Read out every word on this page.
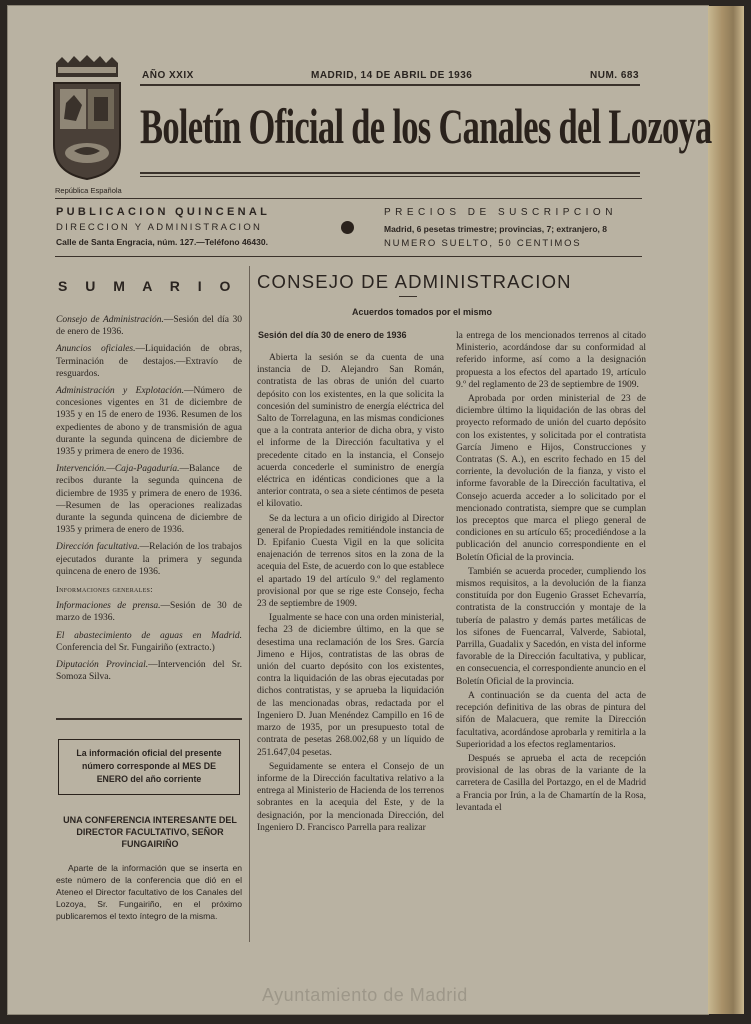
República Española
AÑO XXIX	MADRID, 14 DE ABRIL DE 1936	NUM. 683
Boletín Oficial de los Canales del Lozoya
PUBLICACION QUINCENAL
DIRECCION Y ADMINISTRACION
Calle de Santa Engracia, núm. 127.—Teléfono 46430.
PRECIOS DE SUSCRIPCION
Madrid, 6 pesetas trimestre; provincias, 7; extranjero, 8
NUMERO SUELTO, 50 CENTIMOS
S U M A R I O

Consejo de Administración.—Sesión del día 30 de enero de 1936.

Anuncios oficiales.—Liquidación de obras, Terminación de destajos.—Extravío de resguardos.

Administración y Explotación.—Número de concesiones vigentes en 31 de diciembre de 1935 y en 15 de enero de 1936. Resumen de los expedientes de abono y de transmisión de agua durante la segunda quincena de diciembre de 1935 y primera de enero de 1936.

Intervención.—Caja-Pagaduría.—Balance de recibos durante la segunda quincena de diciembre de 1935 y primera de enero de 1936.—Resumen de las operaciones realizadas durante la segunda quincena de diciembre de 1935 y primera de enero de 1936.

Dirección facultativa.—Relación de los trabajos ejecutados durante la primera y segunda quincena de enero de 1936.

Informaciones generales:

Informaciones de prensa.—Sesión de 30 de marzo de 1936.

El abastecimiento de aguas en Madrid. Conferencia del Sr. Fungairiño (extracto.)

Diputación Provincial.—Intervención del Sr. Somoza Silva.

La información oficial del presente número corresponde al MES DE ENERO del año corriente
UNA CONFERENCIA INTERESANTE DEL DIRECTOR FACULTATIVO, SEÑOR FUNGAIRIÑO

Aparte de la información que se inserta en este número de la conferencia que dió en el Ateneo el Director facultativo de los Canales del Lozoya, Sr. Fungairiño, en el próximo publicaremos el texto íntegro de la misma.

CONSEJO DE ADMINISTRACION
Acuerdos tomados por el mismo
Sesión del día 30 de enero de 1936

Abierta la sesión se da cuenta de una instancia de D. Alejandro San Román, contratista de las obras de unión del cuarto depósito con los existentes, en la que solicita la concesión del suministro de energía eléctrica del Salto de Torrelaguna, en las mismas condiciones que a la contrata anterior de dicha obra, y visto el informe de la Dirección facultativa y el precedente citado en la instancia, el Consejo acuerda concederle el suministro de energía eléctrica en idénticas condiciones que a la anterior contrata, o sea a siete céntimos de peseta el kilovatio.

Se da lectura a un oficio dirigido al Director general de Propiedades remitiéndole instancia de D. Epifanio Cuesta Vigil en la que solicita enajenación de terrenos sitos en la zona de la acequia del Este, de acuerdo con lo que establece el apartado 19 del artículo 9.º del reglamento provisional por que se rige este Consejo, fecha 23 de septiembre de 1909.

Igualmente se hace con una orden ministerial, fecha 23 de diciembre último, en la que se desestima una reclamación de los Sres. García Jimeno e Hijos, contratistas de las obras de unión del cuarto depósito con los existentes, contra la liquidación de las obras ejecutadas por dichos contratistas, y se aprueba la liquidación de las mencionadas obras, redactada por el Ingeniero D. Juan Menéndez Campillo en 16 de marzo de 1935, por un presupuesto total de contrata de pesetas 268.002,68 y un líquido de 251.647,04 pesetas.

Seguidamente se entera el Consejo de un informe de la Dirección facultativa relativo a la entrega al Ministerio de Hacienda de los terrenos sobrantes en la acequia del Este, y de la designación, por la mencionada Dirección, del Ingeniero D. Francisco Parrella para realizar

la entrega de los mencionados terrenos al citado Ministerio, acordándose dar su conformidad al referido informe, así como a la designación propuesta a los efectos del apartado 19, artículo 9.º del reglamento de 23 de septiembre de 1909.

Aprobada por orden ministerial de 23 de diciembre último la liquidación de las obras del proyecto reformado de unión del cuarto depósito con los existentes, y solicitada por el contratista García Jimeno e Hijos, Construcciones y Contratas (S. A.), en escrito fechado en 15 del corriente, la devolución de la fianza, y visto el informe favorable de la Dirección facultativa, el Consejo acuerda acceder a lo solicitado por el mencionado contratista, siempre que se cumplan los preceptos que marca el pliego general de condiciones en su artículo 65; procediéndose a la publicación del anuncio correspondiente en el Boletín Oficial de la provincia.

También se acuerda proceder, cumpliendo los mismos requisitos, a la devolución de la fianza constituída por don Eugenio Grasset Echevarría, contratista de la construcción y montaje de la tubería de palastro y demás partes metálicas de los sifones de Fuencarral, Valverde, Sabiotal, Parrilla, Guadalix y Sacedón, en vista del informe favorable de la Dirección facultativa, y publicar, en consecuencia, el correspondiente anuncio en el Boletín Oficial de la provincia.

A continuación se da cuenta del acta de recepción definitiva de las obras de pintura del sifón de Malacuera, que remite la Dirección facultativa, acordándose aprobarla y remitirla a la Superioridad a los efectos reglamentarios.

Después se aprueba el acta de recepción provisional de las obras de la variante de la carretera de Casilla del Portazgo, en el de Madrid a Francia por Irún, a la de Chamartín de la Rosa, levantada el

Ayuntamiento de Madrid
